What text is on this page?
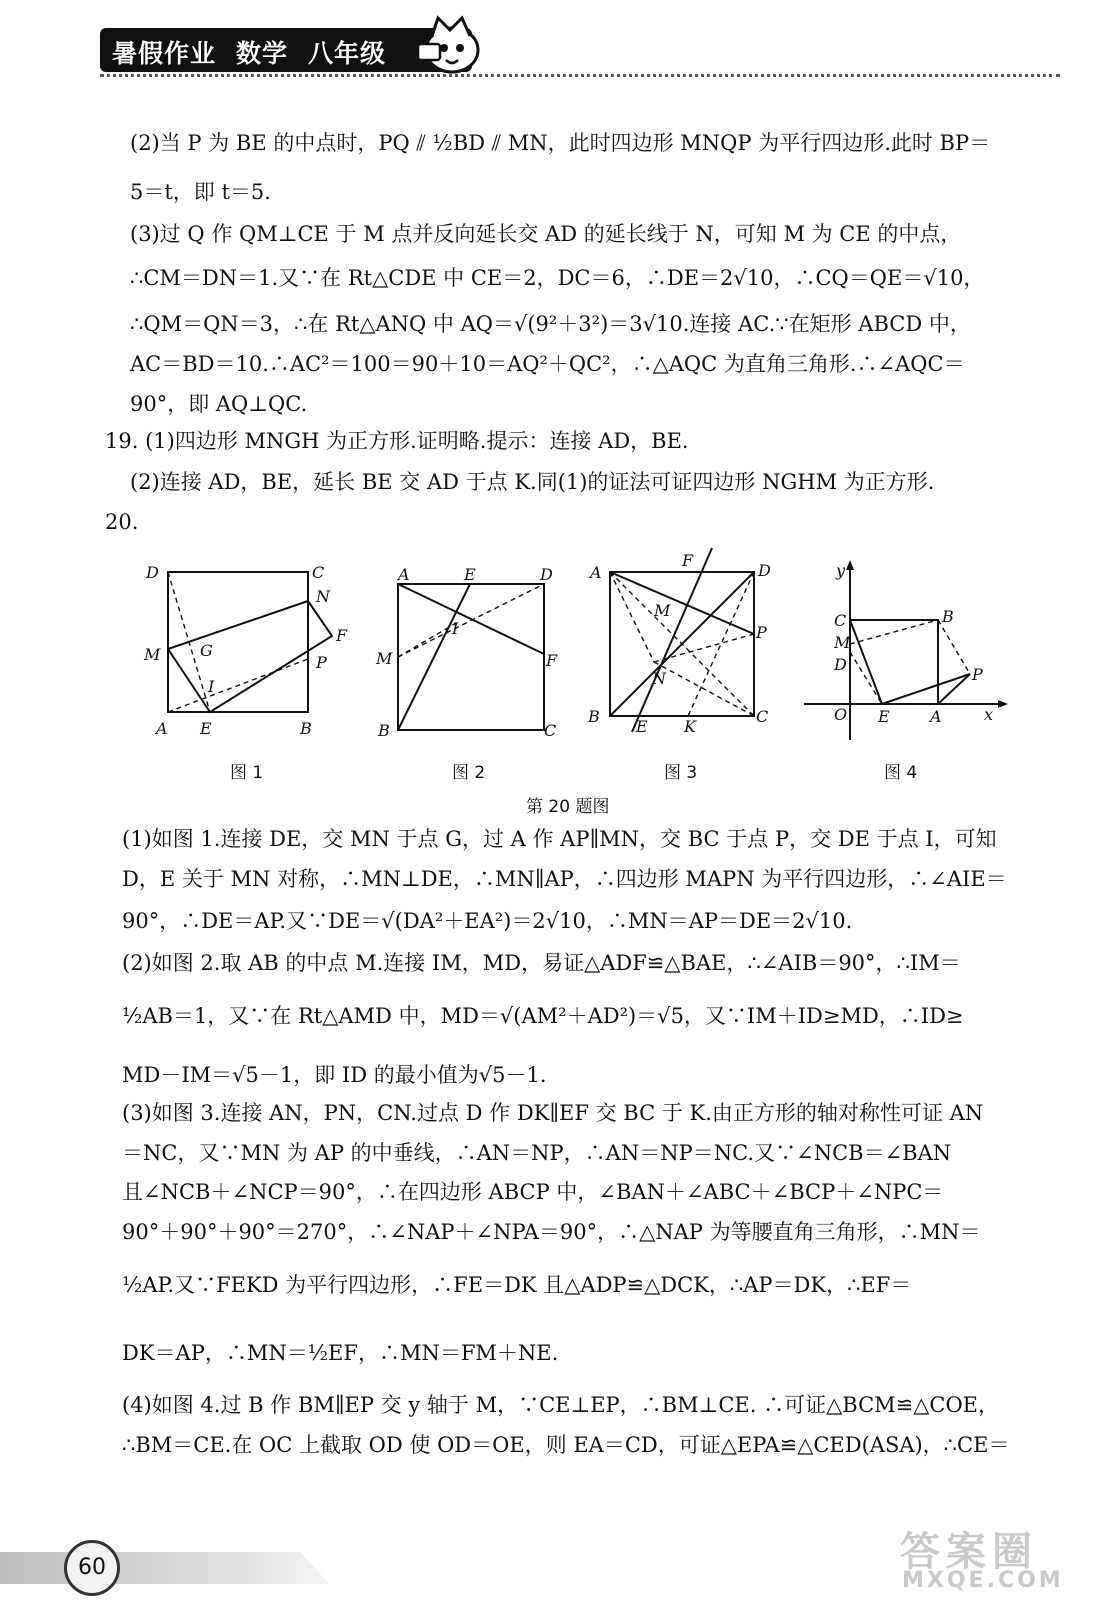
暑假作业 数学 八年级
(2)当 P 为 BE 的中点时，PQ ⫽ ½BD ⫽ MN，此时四边形 MNQP 为平行四边形.此时 BP＝
5＝t，即 t＝5.
(3)过 Q 作 QM⊥CE 于 M 点并反向延长交 AD 的延长线于 N，可知 M 为 CE 的中点，
∴CM＝DN＝1.又∵在 Rt△CDE 中 CE＝2，DC＝6，∴DE＝2√10，∴CQ＝QE＝√10，
∴QM＝QN＝3，∴在 Rt△ANQ 中 AQ＝√(9²＋3²)＝3√10.连接 AC.∵在矩形 ABCD 中，
AC＝BD＝10.∴AC²＝100＝90＋10＝AQ²＋QC²，∴△AQC 为直角三角形.∴∠AQC＝
90°，即 AQ⊥QC.
19. (1)四边形 MNGH 为正方形.证明略.提示：连接 AD，BE.
(2)连接 AD，BE，延长 BE 交 AD 于点 K.同(1)的证法可证四边形 NGHM 为正方形.
20.
D	C
N
F
M G
P
I
A E	B
A	E	D
I
M	F
B	C
A
F
D
M
P
N
B
E K
C
y
C	B
M
D
P
O E	A	x
图 1	图 2	图 3	图 4
第 20 题图
(1)如图 1.连接 DE，交 MN 于点 G，过 A 作 AP∥MN，交 BC 于点 P，交 DE 于点 I，可知
D，E 关于 MN 对称，∴MN⊥DE，∴MN∥AP，∴四边形 MAPN 为平行四边形，∴∠AIE＝
90°，∴DE＝AP.又∵DE＝√(DA²＋EA²)＝2√10，∴MN＝AP＝DE＝2√10.
(2)如图 2.取 AB 的中点 M.连接 IM，MD，易证△ADF≌△BAE，∴∠AIB＝90°，∴IM＝
½AB＝1，又∵在 Rt△AMD 中，MD＝√(AM²＋AD²)＝√5，又∵IM＋ID≥MD，∴ID≥
MD－IM＝√5－1，即 ID 的最小值为√5－1.
(3)如图 3.连接 AN，PN，CN.过点 D 作 DK∥EF 交 BC 于 K.由正方形的轴对称性可证 AN
＝NC，又∵MN 为 AP 的中垂线，∴AN＝NP，∴AN＝NP＝NC.又∵∠NCB＝∠BAN
且∠NCB＋∠NCP＝90°，∴在四边形 ABCP 中，∠BAN＋∠ABC＋∠BCP＋∠NPC＝
90°＋90°＋90°＝270°，∴∠NAP＋∠NPA＝90°，∴△NAP 为等腰直角三角形，∴MN＝
½AP.又∵FEKD 为平行四边形，∴FE＝DK 且△ADP≌△DCK，∴AP＝DK，∴EF＝
DK＝AP，∴MN＝½EF，∴MN＝FM＋NE.
(4)如图 4.过 B 作 BM∥EP 交 y 轴于 M，∵CE⊥EP，∴BM⊥CE. ∴可证△BCM≌△COE，
∴BM＝CE.在 OC 上截取 OD 使 OD＝OE，则 EA＝CD，可证△EPA≌△CED(ASA)，∴CE＝
60	答案圈
MXQE.COM
